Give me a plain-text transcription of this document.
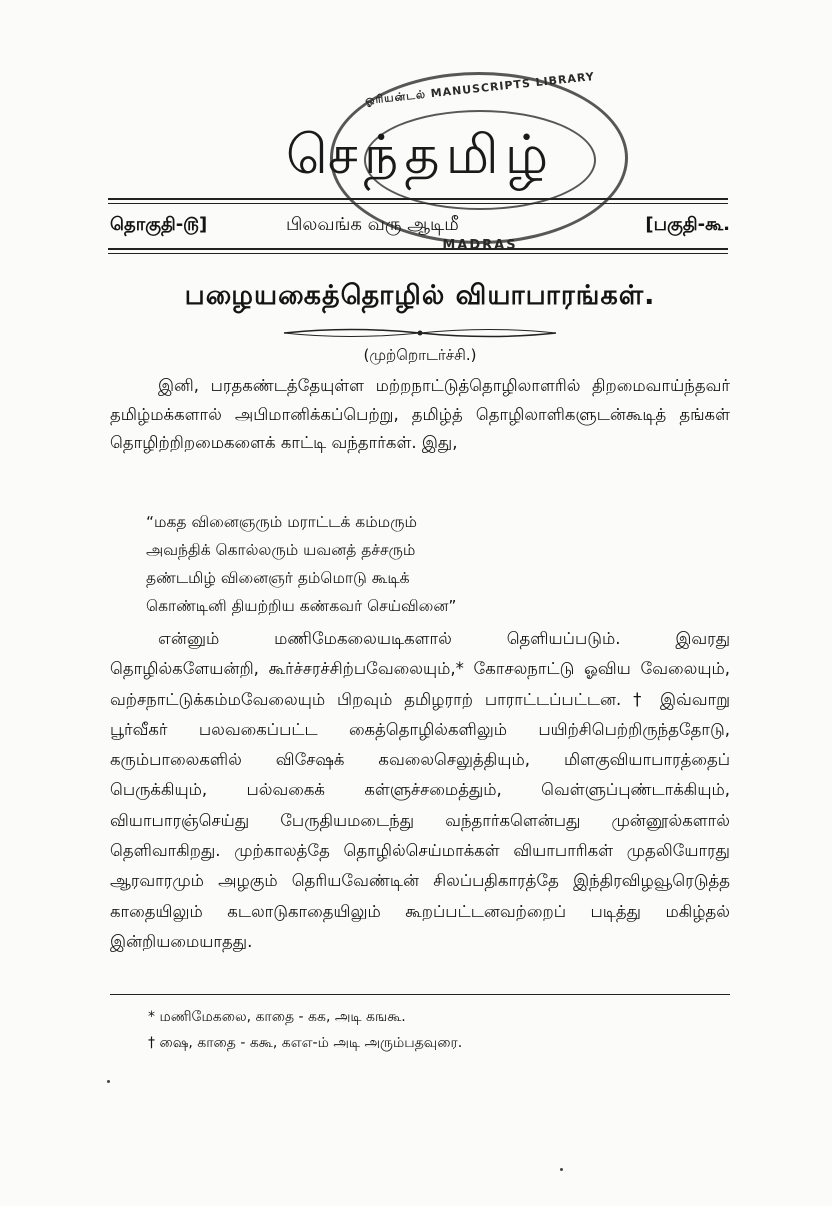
ஓரியன்டல் MANUSCRIPTS LIBRARY
MADRAS
செந்தமிழ்
தொகுதி-௫]	பிலவங்க வரு ஆடிமீ	[பகுதி-கூ.
பழையகைத்தொழில் வியாபாரங்கள்.
(முற்றொடர்ச்சி.)

இனி, பரதகண்டத்தேயுள்ள மற்றநாட்டுத்தொழிலாளரில் திறமைவாய்ந்தவர் தமிழ்மக்களால் அபிமானிக்கப்பெற்று, தமிழ்த் தொழிலாளிகளுடன்கூடித் தங்கள் தொழிற்றிறமைகளைக் காட்டி வந்தார்கள். இது,

“மகத வினைஞரும் மராட்டக் கம்மரும்
அவந்திக் கொல்லரும் யவனத் தச்சரும்
தண்டமிழ் வினைஞர் தம்மொடு கூடிக்
கொண்டினி தியற்றிய கண்கவர் செய்வினை”

என்னும் மணிமேகலையடிகளால் தெளியப்படும். இவரது தொழில்களேயன்றி, கூர்ச்சரச்சிற்பவேலையும்,* கோசலநாட்டு ஓவிய வேலையும், வற்சநாட்டுக்கம்மவேலையும் பிறவும் தமிழராற் பாராட்டப்பட்டன. † இவ்வாறு பூர்வீகர் பலவகைப்பட்ட கைத்தொழில்களிலும் பயிற்சிபெற்றிருந்ததோடு, கரும்பாலைகளில் விசேஷக் கவலைசெலுத்தியும், மிளகுவியாபாரத்தைப் பெருக்கியும், பல்வகைக் கள்ளுச்சமைத்தும், வெள்ளுப்புண்டாக்கியும், வியாபாரஞ்செய்து பேருதியமடைந்து வந்தார்களென்பது முன்னூல்களால் தெளிவாகிறது. முற்காலத்தே தொழில்செய்மாக்கள் வியாபாரிகள் முதலியோரது ஆரவாரமும் அழகும் தெரியவேண்டின் சிலப்பதிகாரத்தே இந்திரவிழவூரெடுத்த காதையிலும் கடலாடுகாதையிலும் கூறப்பட்டனவற்றைப் படித்து மகிழ்தல் இன்றியமையாதது.

* மணிமேகலை, காதை - கக, அடி கஙகூ.
† ஷை, காதை - ககூ, கஎஎ-ம் அடி அரும்பதவுரை.
